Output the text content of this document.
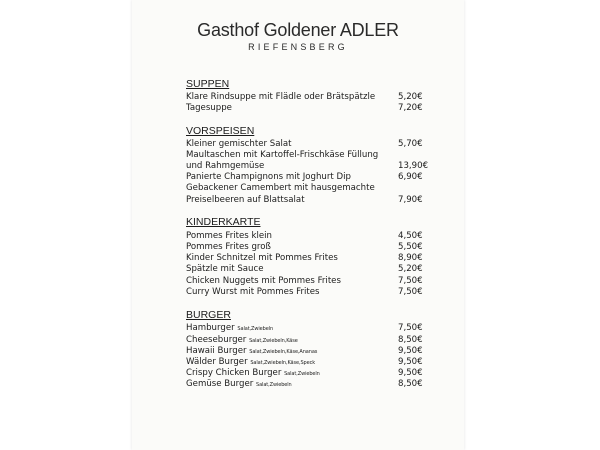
Gasthof Goldener ADLER
RIEFENSBERG
SUPPEN
Klare Rindsuppe mit Flädle oder Brätspätzle	5,20€
Tagesuppe	7,20€
VORSPEISEN
Kleiner gemischter Salat	5,70€
Maultaschen mit Kartoffel-Frischkäse Füllung
und Rahmgemüse	13,90€
Panierte Champignons mit Joghurt Dip	6,90€
Gebackener Camembert mit hausgemachte
Preiselbeeren auf Blattsalat	7,90€
KINDERKARTE
Pommes Frites klein	4,50€
Pommes Frites groß	5,50€
Kinder Schnitzel mit Pommes Frites	8,90€
Spätzle mit Sauce	5,20€
Chicken Nuggets mit Pommes Frites	7,50€
Curry Wurst mit Pommes Frites	7,50€
BURGER
Hamburger Salat,Zwiebeln	7,50€
Cheeseburger Salat,Zwiebeln,Käse	8,50€
Hawaii Burger Salat,Zwiebeln,Käse,Ananas	9,50€
Wälder Burger Salat,Zwiebeln,Käse,Speck	9,50€
Crispy Chicken Burger Salat,Zwiebeln	9,50€
Gemüse Burger Salat,Zwiebeln	8,50€
